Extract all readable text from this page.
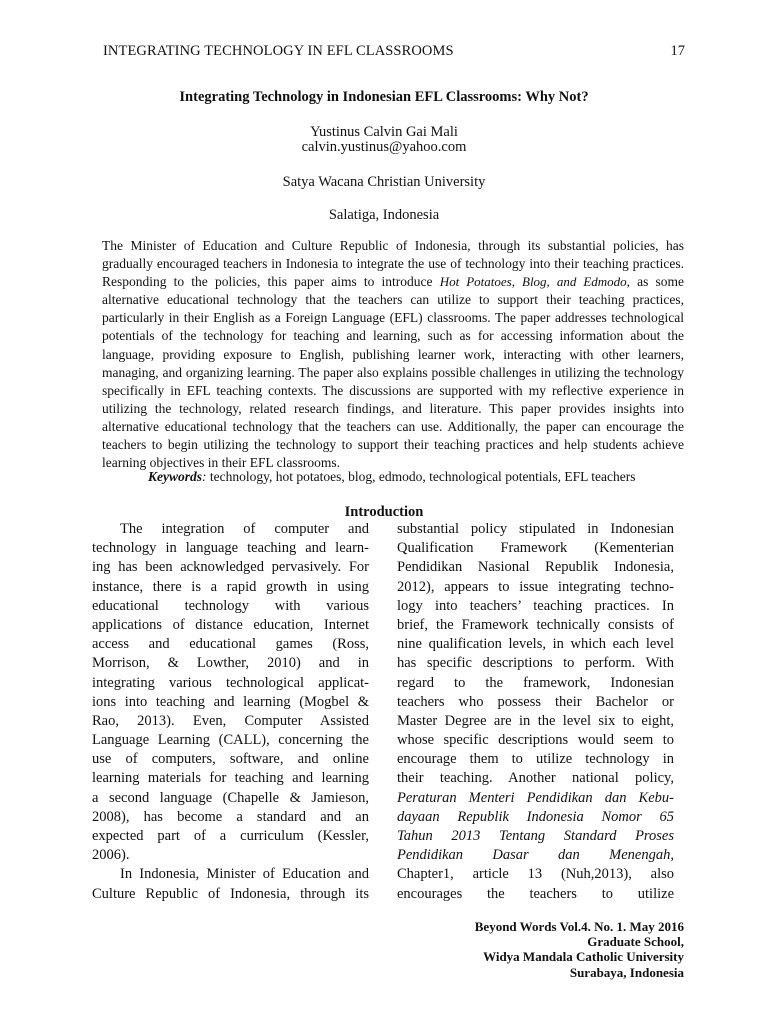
INTEGRATING TECHNOLOGY IN EFL CLASSROOMS	17
Integrating Technology in Indonesian EFL Classrooms: Why Not?
Yustinus Calvin Gai Mali
calvin.yustinus@yahoo.com
Satya Wacana Christian University
Salatiga, Indonesia
The Minister of Education and Culture Republic of Indonesia, through its substantial policies, has gradually encouraged teachers in Indonesia to integrate the use of technology into their teaching practices. Responding to the policies, this paper aims to introduce Hot Potatoes, Blog, and Edmodo, as some alternative educational technology that the teachers can utilize to support their teaching practices, particularly in their English as a Foreign Language (EFL) classrooms. The paper addresses technological potentials of the technology for teaching and learning, such as for accessing information about the language, providing exposure to English, publishing learner work, interacting with other learners, managing, and organizing learning. The paper also explains possible challenges in utilizing the technology specifically in EFL teaching contexts. The discussions are supported with my reflective experience in utilizing the technology, related research findings, and literature. This paper provides insights into alternative educational technology that the teachers can use. Additionally, the paper can encourage the teachers to begin utilizing the technology to support their teaching practices and help students achieve learning objectives in their EFL classrooms.
Keywords: technology, hot potatoes, blog, edmodo, technological potentials, EFL teachers
Introduction
The integration of computer and
technology in language teaching and learn-
ing has been acknowledged pervasively. For
instance, there is a rapid growth in using
educational technology with various
applications of distance education, Internet
access and educational games (Ross,
Morrison, & Lowther, 2010) and in
integrating various technological applicat-
ions into teaching and learning (Mogbel &
Rao, 2013). Even, Computer Assisted
Language Learning (CALL), concerning the
use of computers, software, and online
learning materials for teaching and learning
a second language (Chapelle & Jamieson,
2008), has become a standard and an
expected part of a curriculum (Kessler,
2006).
In Indonesia, Minister of Education and
Culture Republic of Indonesia, through its
substantial policy stipulated in Indonesian
Qualification Framework (Kementerian
Pendidikan Nasional Republik Indonesia,
2012), appears to issue integrating techno-
logy into teachers’ teaching practices. In
brief, the Framework technically consists of
nine qualification levels, in which each level
has specific descriptions to perform. With
regard to the framework, Indonesian
teachers who possess their Bachelor or
Master Degree are in the level six to eight,
whose specific descriptions would seem to
encourage them to utilize technology in
their teaching. Another national policy,
Peraturan Menteri Pendidikan dan Kebu-
dayaan Republik Indonesia Nomor 65
Tahun 2013 Tentang Standard Proses
Pendidikan Dasar dan Menengah,
Chapter1, article 13 (Nuh,2013), also
encourages the teachers to utilize
Beyond Words Vol.4. No. 1. May 2016
Graduate School,
Widya Mandala Catholic University
Surabaya, Indonesia
